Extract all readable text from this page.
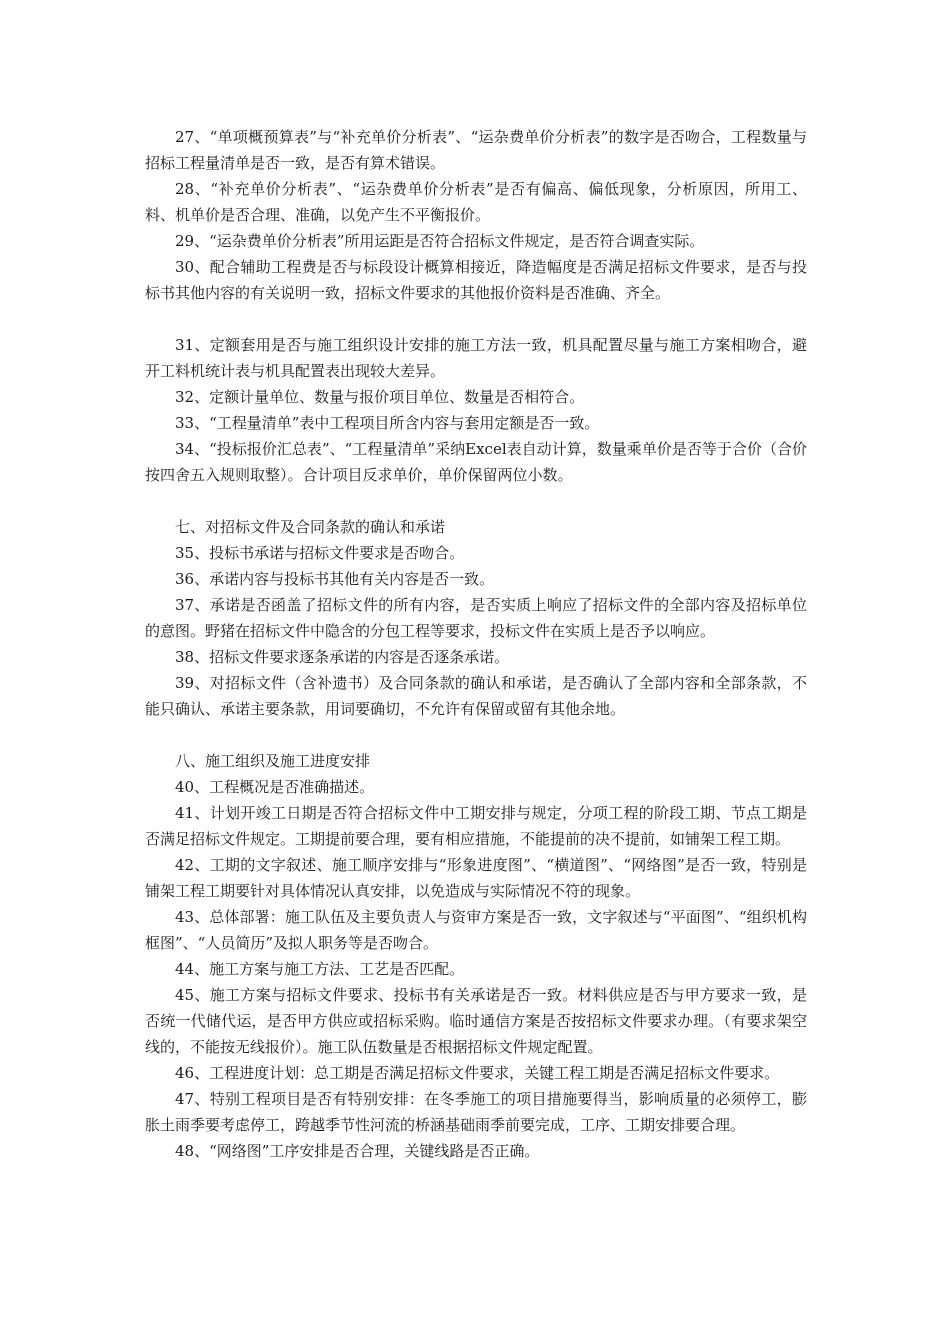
27、“单项概预算表”与“补充单价分析表”、“运杂费单价分析表”的数字是否吻合，工程数量与招标工程量清单是否一致，是否有算术错误。

28、“补充单价分析表”、“运杂费单价分析表”是否有偏高、偏低现象，分析原因，所用工、料、机单价是否合理、准确，以免产生不平衡报价。

29、“运杂费单价分析表”所用运距是否符合招标文件规定，是否符合调查实际。

30、配合辅助工程费是否与标段设计概算相接近，降造幅度是否满足招标文件要求，是否与投标书其他内容的有关说明一致，招标文件要求的其他报价资料是否准确、齐全。

31、定额套用是否与施工组织设计安排的施工方法一致，机具配置尽量与施工方案相吻合，避开工料机统计表与机具配置表出现较大差异。

32、定额计量单位、数量与报价项目单位、数量是否相符合。

33、“工程量清单”表中工程项目所含内容与套用定额是否一致。

34、“投标报价汇总表”、“工程量清单”采纳Excel表自动计算，数量乘单价是否等于合价（合价按四舍五入规则取整）。合计项目反求单价，单价保留两位小数。

七、对招标文件及合同条款的确认和承诺

35、投标书承诺与招标文件要求是否吻合。

36、承诺内容与投标书其他有关内容是否一致。

37、承诺是否函盖了招标文件的所有内容，是否实质上响应了招标文件的全部内容及招标单位的意图。野猪在招标文件中隐含的分包工程等要求，投标文件在实质上是否予以响应。

38、招标文件要求逐条承诺的内容是否逐条承诺。

39、对招标文件（含补遗书）及合同条款的确认和承诺，是否确认了全部内容和全部条款，不能只确认、承诺主要条款，用词要确切，不允许有保留或留有其他余地。

八、施工组织及施工进度安排

40、工程概况是否准确描述。

41、计划开竣工日期是否符合招标文件中工期安排与规定，分项工程的阶段工期、节点工期是否满足招标文件规定。工期提前要合理，要有相应措施，不能提前的决不提前，如铺架工程工期。

42、工期的文字叙述、施工顺序安排与“形象进度图”、“横道图”、“网络图”是否一致，特别是铺架工程工期要针对具体情况认真安排，以免造成与实际情况不符的现象。

43、总体部署：施工队伍及主要负责人与资审方案是否一致，文字叙述与“平面图”、“组织机构框图”、“人员简历”及拟人职务等是否吻合。

44、施工方案与施工方法、工艺是否匹配。

45、施工方案与招标文件要求、投标书有关承诺是否一致。材料供应是否与甲方要求一致，是否统一代储代运，是否甲方供应或招标采购。临时通信方案是否按招标文件要求办理。（有要求架空线的，不能按无线报价）。施工队伍数量是否根据招标文件规定配置。

46、工程进度计划：总工期是否满足招标文件要求，关键工程工期是否满足招标文件要求。

47、特别工程项目是否有特别安排：在冬季施工的项目措施要得当，影响质量的必须停工，膨胀土雨季要考虑停工，跨越季节性河流的桥涵基础雨季前要完成，工序、工期安排要合理。

48、“网络图”工序安排是否合理，关键线路是否正确。
